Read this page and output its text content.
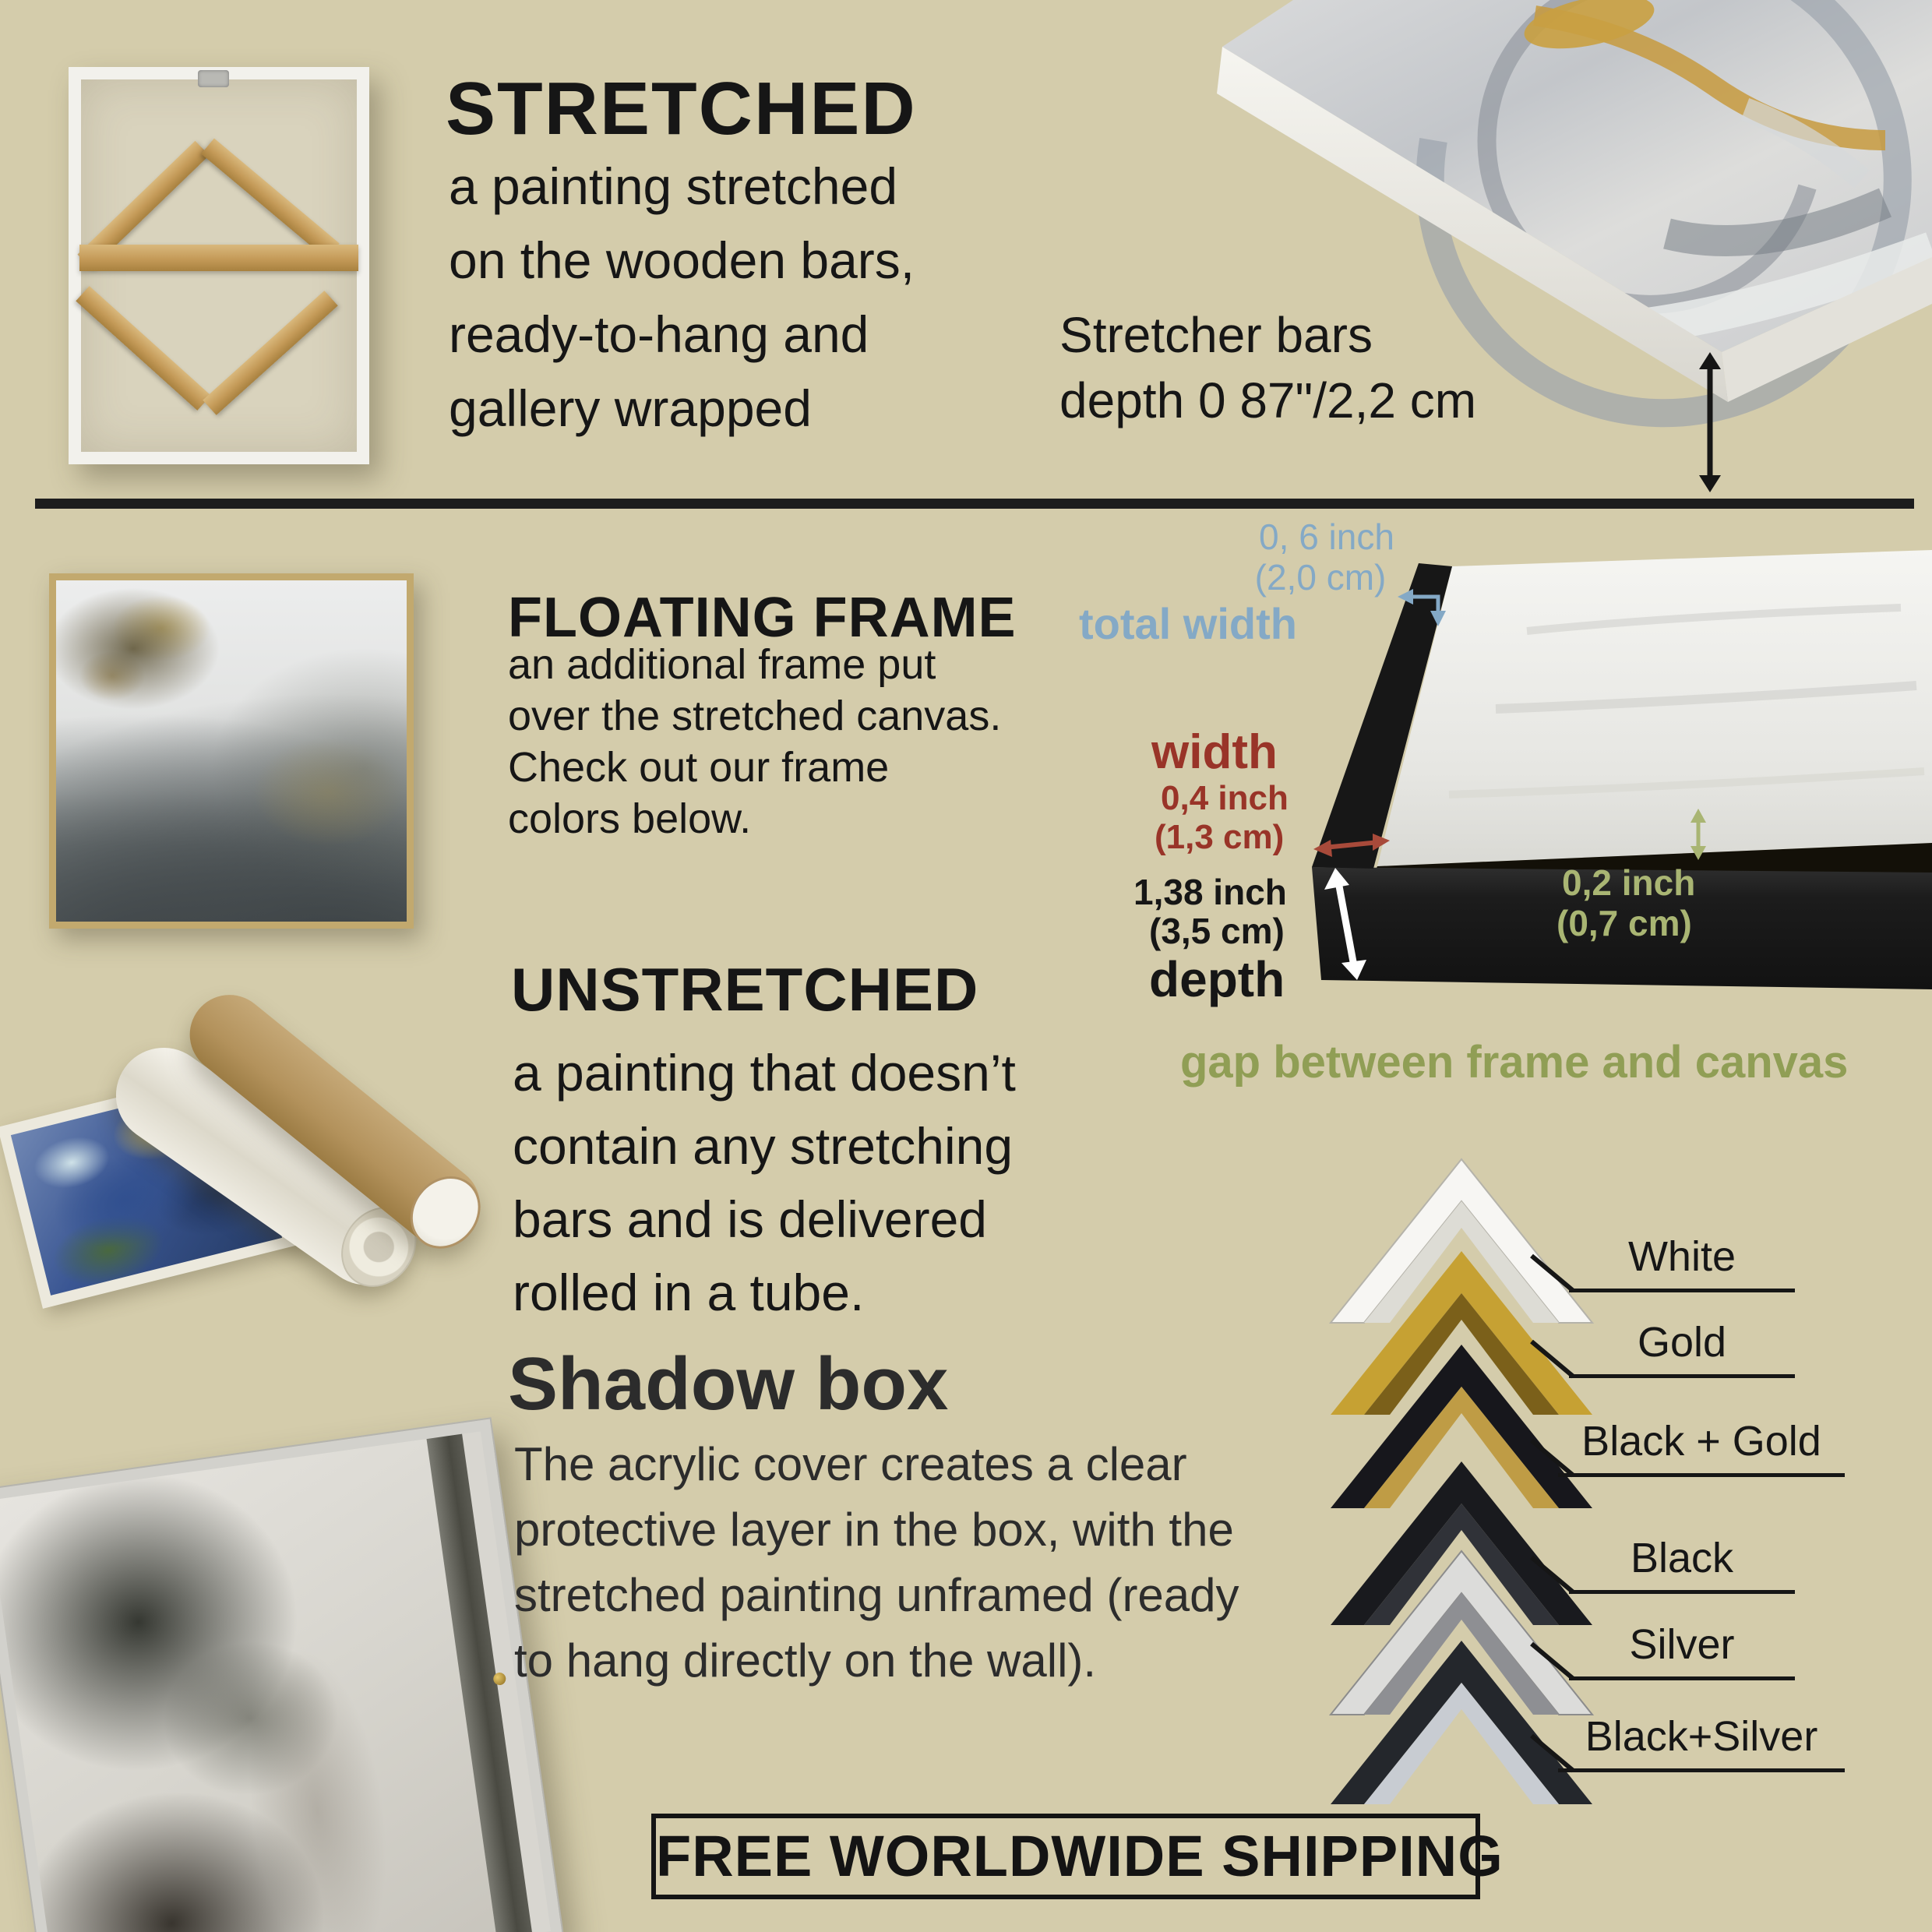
STRETCHED
a painting stretched
on the wooden bars,
ready-to-hang and
gallery wrapped
Stretcher bars
depth 0 87"/2,2 cm
FLOATING FRAME
an additional frame put
over the stretched canvas.
Check out our frame
colors below.
0, 6 inch
(2,0 cm)
total width
width
0,4 inch
(1,3 cm)
1,38 inch
(3,5 cm)
depth
0,2 inch
(0,7 cm)
gap between frame and canvas
UNSTRETCHED
a painting that doesn’t
contain any stretching
bars and is delivered
rolled in a tube.
Shadow box
The acrylic cover creates a clear
protective layer in the box, with the
stretched painting unframed (ready
to hang directly on the wall).
White
Gold
Black + Gold
Black
Silver
Black+Silver
FREE WORLDWIDE SHIPPING
